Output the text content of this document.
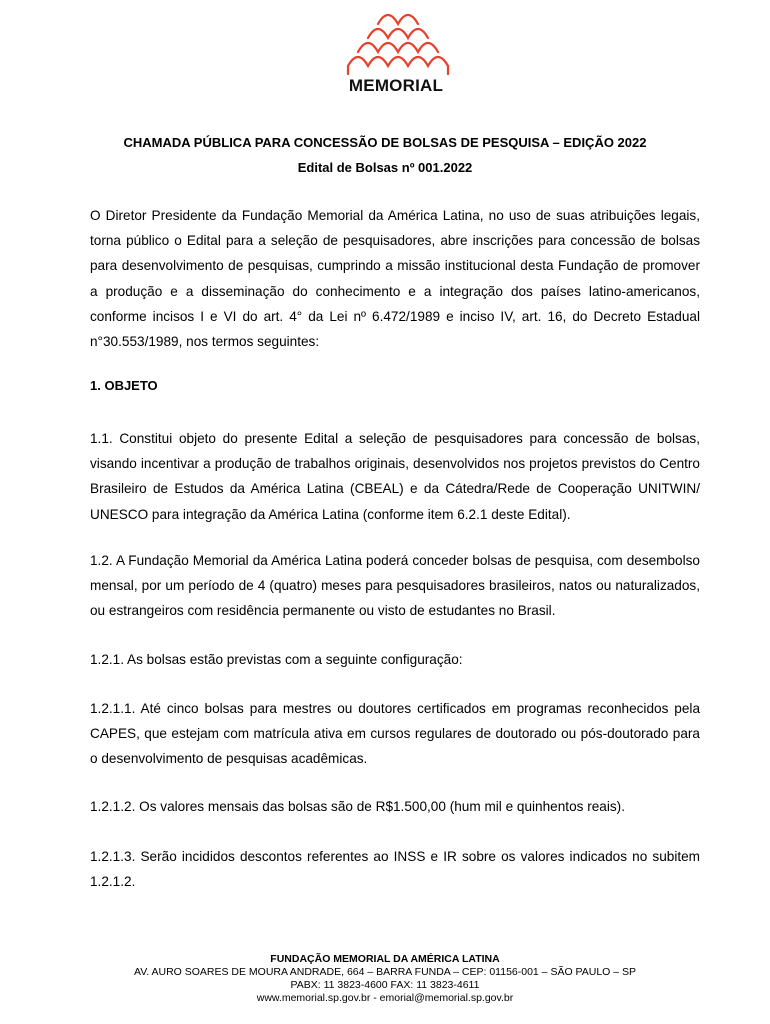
MEMORIAL
CHAMADA PÚBLICA PARA CONCESSÃO DE BOLSAS DE PESQUISA – EDIÇÃO 2022
Edital de Bolsas nº 001.2022

O Diretor Presidente da Fundação Memorial da América Latina, no uso de suas atribuições legais, torna público o Edital para a seleção de pesquisadores, abre inscrições para concessão de bolsas para desenvolvimento de pesquisas, cumprindo a missão institucional desta Fundação de promover a produção e a disseminação do conhecimento e a integração dos países latino-americanos, conforme incisos I e VI do art. 4° da Lei nº 6.472/1989 e inciso IV, art. 16, do Decreto Estadual n°30.553/1989, nos termos seguintes:

1. OBJETO

1.1. Constitui objeto do presente Edital a seleção de pesquisadores para concessão de bolsas, visando incentivar a produção de trabalhos originais, desenvolvidos nos projetos previstos do Centro Brasileiro de Estudos da América Latina (CBEAL) e da Cátedra/Rede de Cooperação UNITWIN/ UNESCO para integração da América Latina (conforme item 6.2.1 deste Edital).

1.2. A Fundação Memorial da América Latina poderá conceder bolsas de pesquisa, com desembolso mensal, por um período de 4 (quatro) meses para pesquisadores brasileiros, natos ou naturalizados, ou estrangeiros com residência permanente ou visto de estudantes no Brasil.

1.2.1. As bolsas estão previstas com a seguinte configuração:

1.2.1.1. Até cinco bolsas para mestres ou doutores certificados em programas reconhecidos pela CAPES, que estejam com matrícula ativa em cursos regulares de doutorado ou pós-doutorado para o desenvolvimento de pesquisas acadêmicas.

1.2.1.2. Os valores mensais das bolsas são de R$1.500,00 (hum mil e quinhentos reais).

1.2.1.3. Serão incididos descontos referentes ao INSS e IR sobre os valores indicados no subitem 1.2.1.2.

FUNDAÇÃO MEMORIAL DA AMÉRICA LATINA
AV. AURO SOARES DE MOURA ANDRADE, 664 – BARRA FUNDA – CEP: 01156-001 – SÃO PAULO – SP
PABX: 11 3823-4600 FAX: 11 3823-4611
www.memorial.sp.gov.br - emorial@memorial.sp.gov.br
